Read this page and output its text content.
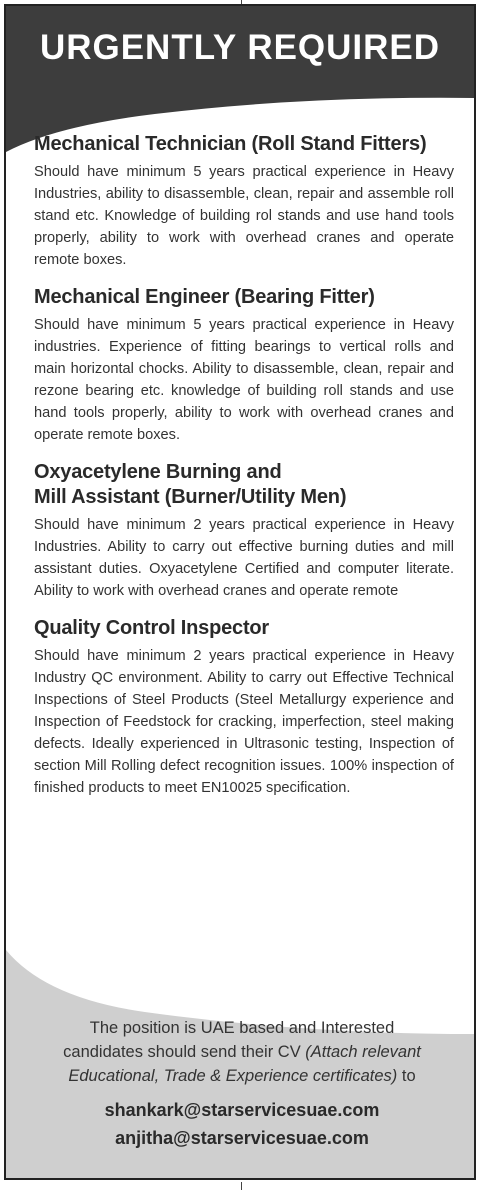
URGENTLY REQUIRED
Mechanical Technician (Roll Stand Fitters)

Should have minimum 5 years practical experience in Heavy Industries, ability to disassemble, clean, repair and assemble roll stand etc. Knowledge of building rol stands and use hand tools properly, ability to work with overhead cranes and operate remote boxes.

Mechanical Engineer (Bearing Fitter)

Should have minimum 5 years practical experience in Heavy industries. Experience of fitting bearings to vertical rolls and main horizontal chocks. Ability to disassemble, clean, repair and rezone bearing etc. knowledge of building roll stands and use hand tools properly, ability to work with overhead cranes and operate remote boxes.

Oxyacetylene Burning and
Mill Assistant (Burner/Utility Men)

Should have minimum 2 years practical experience in Heavy Industries. Ability to carry out effective burning duties and mill assistant duties. Oxyacetylene Certified and computer literate. Ability to work with overhead cranes and operate remote

Quality Control Inspector

Should have minimum 2 years practical experience in Heavy Industry QC environment. Ability to carry out Effective Technical Inspections of Steel Products (Steel Metallurgy experience and Inspection of Feedstock for cracking, imperfection, steel making defects. Ideally experienced in Ultrasonic testing, Inspection of section Mill Rolling defect recognition issues. 100% inspection of finished products to meet EN10025 specification.

The position is UAE based and Interested

candidates should send their CV (Attach relevant

Educational, Trade & Experience certificates) to

shankark@starservicesuae.com
anjitha@starservicesuae.com
